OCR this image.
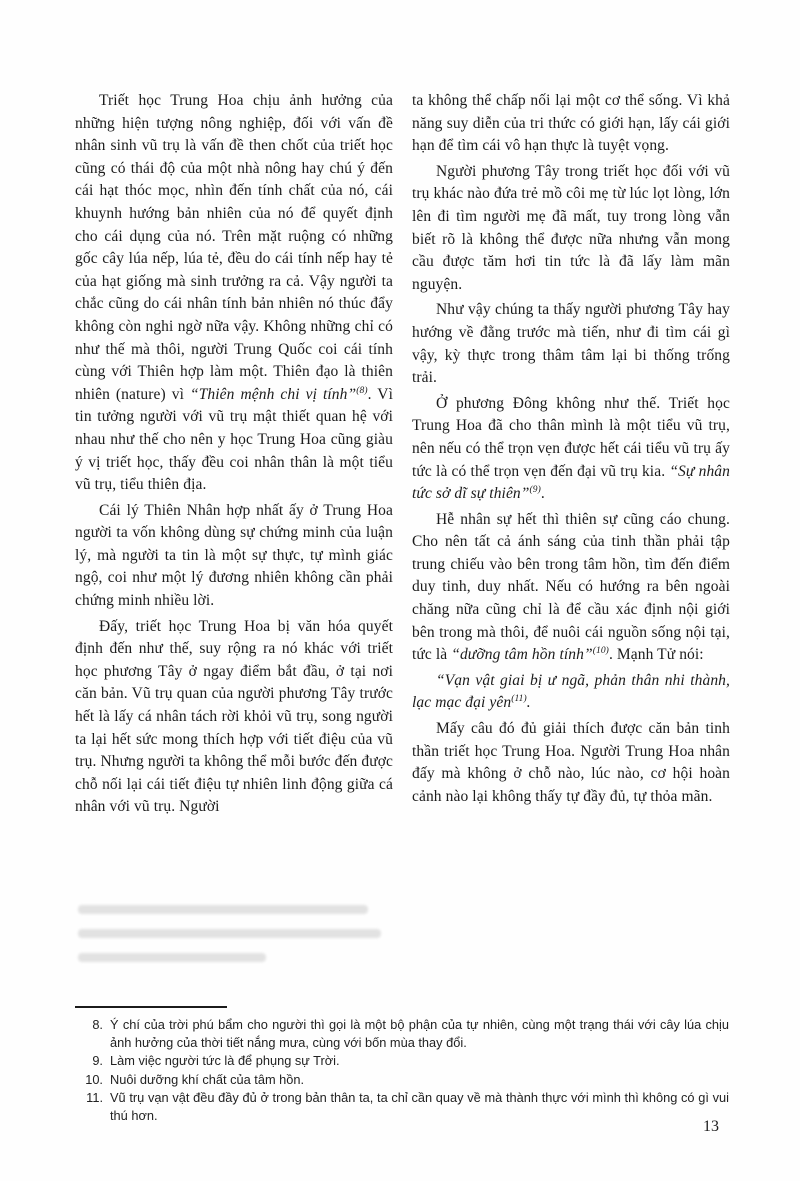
Triết học Trung Hoa chịu ảnh hưởng của những hiện tượng nông nghiệp, đối với vấn đề nhân sinh vũ trụ là vấn đề then chốt của triết học cũng có thái độ của một nhà nông hay chú ý đến cái hạt thóc mọc, nhìn đến tính chất của nó, cái khuynh hướng bản nhiên của nó để quyết định cho cái dụng của nó. Trên mặt ruộng có những gốc cây lúa nếp, lúa tẻ, đều do cái tính nếp hay tẻ của hạt giống mà sinh trưởng ra cả. Vậy người ta chắc cũng do cái nhân tính bản nhiên nó thúc đẩy không còn nghi ngờ nữa vậy. Không những chỉ có như thế mà thôi, người Trung Quốc coi cái tính cùng với Thiên hợp làm một. Thiên đạo là thiên nhiên (nature) vì “Thiên mệnh chi vị tính”$^{(8)}$. Vì tin tưởng người với vũ trụ mật thiết quan hệ với nhau như thế cho nên y học Trung Hoa cũng giàu ý vị triết học, thấy đều coi nhân thân là một tiểu vũ trụ, tiểu thiên địa.

Cái lý Thiên Nhân hợp nhất ấy ở Trung Hoa người ta vốn không dùng sự chứng minh của luận lý, mà người ta tin là một sự thực, tự mình giác ngộ, coi như một lý đương nhiên không cần phải chứng minh nhiều lời.

Đấy, triết học Trung Hoa bị văn hóa quyết định đến như thế, suy rộng ra nó khác với triết học phương Tây ở ngay điểm bắt đầu, ở tại nơi căn bản. Vũ trụ quan của người phương Tây trước hết là lấy cá nhân tách rời khỏi vũ trụ, song người ta lại hết sức mong thích hợp với tiết điệu của vũ trụ. Nhưng người ta không thể mỗi bước đến được chỗ nối lại cái tiết điệu tự nhiên linh động giữa cá nhân với vũ trụ. Người

ta không thể chấp nối lại một cơ thể sống. Vì khả năng suy diễn của tri thức có giới hạn, lấy cái giới hạn để tìm cái vô hạn thực là tuyệt vọng.

Người phương Tây trong triết học đối với vũ trụ khác nào đứa trẻ mồ côi mẹ từ lúc lọt lòng, lớn lên đi tìm người mẹ đã mất, tuy trong lòng vẫn biết rõ là không thể được nữa nhưng vẫn mong cầu được tăm hơi tin tức là đã lấy làm mãn nguyện.

Như vậy chúng ta thấy người phương Tây hay hướng về đằng trước mà tiến, như đi tìm cái gì vậy, kỳ thực trong thâm tâm lại bi thống trống trải.

Ở phương Đông không như thế. Triết học Trung Hoa đã cho thân mình là một tiểu vũ trụ, nên nếu có thể trọn vẹn được hết cái tiểu vũ trụ ấy tức là có thể trọn vẹn đến đại vũ trụ kia. “Sự nhân tức sở dĩ sự thiên”$^{(9)}$.

Hễ nhân sự hết thì thiên sự cũng cáo chung. Cho nên tất cả ánh sáng của tinh thần phải tập trung chiếu vào bên trong tâm hồn, tìm đến điểm duy tinh, duy nhất. Nếu có hướng ra bên ngoài chăng nữa cũng chỉ là để cầu xác định nội giới bên trong mà thôi, để nuôi cái nguồn sống nội tại, tức là “dưỡng tâm hồn tính”$^{(10)}$. Mạnh Tử nói:

“Vạn vật giai bị ư ngã, phản thân nhi thành, lạc mạc đại yên$^{(11)}$.

Mấy câu đó đủ giải thích được căn bản tinh thần triết học Trung Hoa. Người Trung Hoa nhân đấy mà không ở chỗ nào, lúc nào, cơ hội hoàn cảnh nào lại không thấy tự đầy đủ, tự thỏa mãn.

8. Ý chí của trời phú bẩm cho người thì gọi là một bộ phận của tự nhiên, cùng một trạng thái với cây lúa chịu ảnh hưởng của thời tiết nắng mưa, cùng với bốn mùa thay đổi.
9. Làm việc người tức là để phụng sự Trời.
10. Nuôi dưỡng khí chất của tâm hồn.
11. Vũ trụ vạn vật đều đầy đủ ở trong bản thân ta, ta chỉ cần quay về mà thành thực với mình thì không có gì vui thú hơn.
13
